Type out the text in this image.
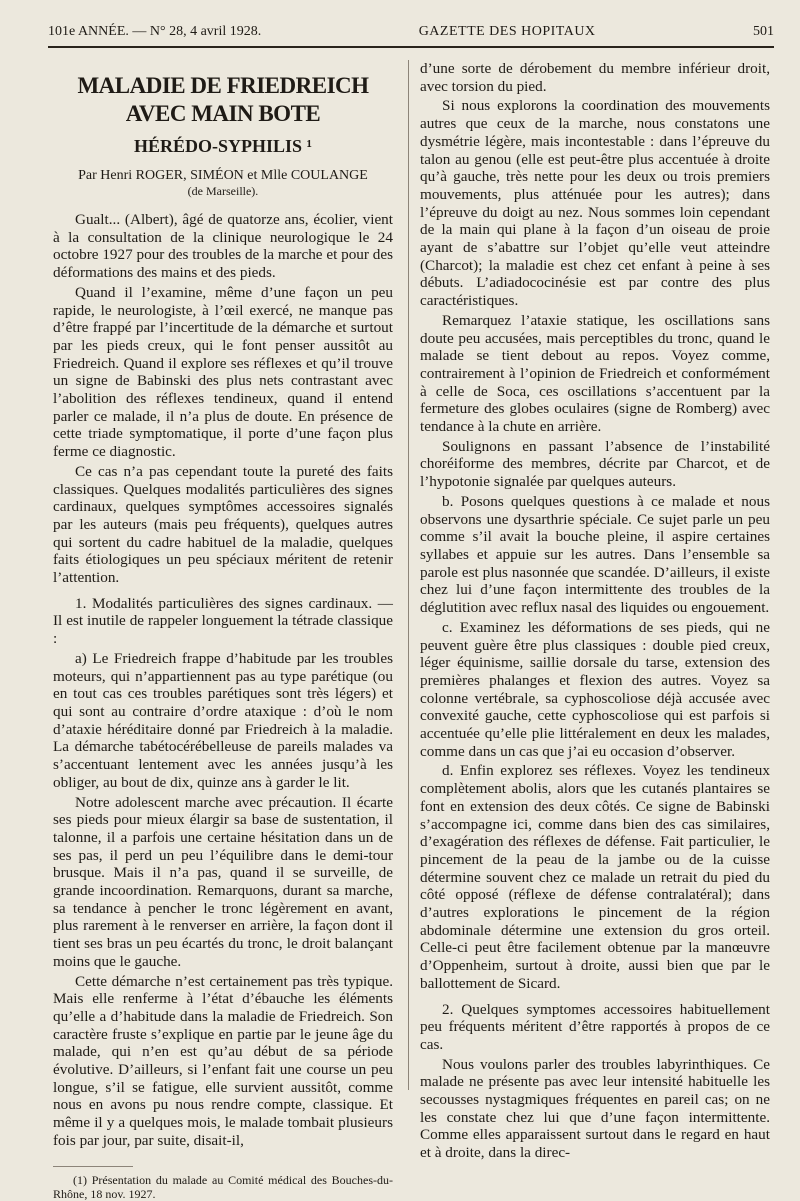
101e ANNÉE. — N° 28, 4 avril 1928.	GAZETTE DES HOPITAUX	501
MALADIE DE FRIEDREICH AVEC MAIN BOTE
HÉRÉDO-SYPHILIS ¹
Par Henri ROGER, SIMÉON et Mlle COULANGE
(de Marseille).

Gualt... (Albert), âgé de quatorze ans, écolier, vient à la consultation de la clinique neurologique le 24 octobre 1927 pour des troubles de la marche et pour des déformations des mains et des pieds.

Quand il l’examine, même d’une façon un peu rapide, le neurologiste, à l’œil exercé, ne manque pas d’être frappé par l’incertitude de la démarche et surtout par les pieds creux, qui le font penser aussitôt au Friedreich. Quand il explore ses réflexes et qu’il trouve un signe de Babinski des plus nets contrastant avec l’abolition des réflexes tendineux, quand il entend parler ce malade, il n’a plus de doute. En présence de cette triade symptomatique, il porte d’une façon plus ferme ce diagnostic.

Ce cas n’a pas cependant toute la pureté des faits classiques. Quelques modalités particulières des signes cardinaux, quelques symptômes accessoires signalés par les auteurs (mais peu fréquents), quelques autres qui sortent du cadre habituel de la maladie, quelques faits étiologiques un peu spéciaux méritent de retenir l’attention.

1. Modalités particulières des signes cardinaux. — Il est inutile de rappeler longuement la tétrade classique :

a) Le Friedreich frappe d’habitude par les troubles moteurs, qui n’appartiennent pas au type parétique (ou en tout cas ces troubles parétiques sont très légers) et qui sont au contraire d’ordre ataxique : d’où le nom d’ataxie héréditaire donné par Friedreich à la maladie. La démarche tabétocérébelleuse de pareils malades va s’accentuant lentement avec les années jusqu’à les obliger, au bout de dix, quinze ans à garder le lit.

Notre adolescent marche avec précaution. Il écarte ses pieds pour mieux élargir sa base de sustentation, il talonne, il a parfois une certaine hésitation dans un de ses pas, il perd un peu l’équilibre dans le demi-tour brusque. Mais il n’a pas, quand il se surveille, de grande incoordination. Remarquons, durant sa marche, sa tendance à pencher le tronc légèrement en avant, plus rarement à le renverser en arrière, la façon dont il tient ses bras un peu écartés du tronc, le droit balançant moins que le gauche.

Cette démarche n’est certainement pas très typique. Mais elle renferme à l’état d’ébauche les éléments qu’elle a d’habitude dans la maladie de Friedreich. Son caractère fruste s’explique en partie par le jeune âge du malade, qui n’en est qu’au début de sa période évolutive. D’ailleurs, si l’enfant fait une course un peu longue, s’il se fatigue, elle survient aussitôt, comme nous en avons pu nous rendre compte, classique. Et même il y a quelques mois, le malade tombait plusieurs fois par jour, par suite, disait-il,

(1) Présentation du malade au Comité médical des Bouches-du-Rhône, 18 nov. 1927.

d’une sorte de dérobement du membre inférieur droit, avec torsion du pied.

Si nous explorons la coordination des mouvements autres que ceux de la marche, nous constatons une dysmétrie légère, mais incontestable : dans l’épreuve du talon au genou (elle est peut-être plus accentuée à droite qu’à gauche, très nette pour les deux ou trois premiers mouvements, plus atténuée pour les autres); dans l’épreuve du doigt au nez. Nous sommes loin cependant de la main qui plane à la façon d’un oiseau de proie ayant de s’abattre sur l’objet qu’elle veut atteindre (Charcot); la maladie est chez cet enfant à peine à ses débuts. L’adiadococinésie est par contre des plus caractéristiques.

Remarquez l’ataxie statique, les oscillations sans doute peu accusées, mais perceptibles du tronc, quand le malade se tient debout au repos. Voyez comme, contrairement à l’opinion de Friedreich et conformément à celle de Soca, ces oscillations s’accentuent par la fermeture des globes oculaires (signe de Romberg) avec tendance à la chute en arrière.

Soulignons en passant l’absence de l’instabilité choréiforme des membres, décrite par Charcot, et de l’hypotonie signalée par quelques auteurs.

b. Posons quelques questions à ce malade et nous observons une dysarthrie spéciale. Ce sujet parle un peu comme s’il avait la bouche pleine, il aspire certaines syllabes et appuie sur les autres. Dans l’ensemble sa parole est plus nasonnée que scandée. D’ailleurs, il existe chez lui d’une façon intermittente des troubles de la déglutition avec reflux nasal des liquides ou engouement.

c. Examinez les déformations de ses pieds, qui ne peuvent guère être plus classiques : double pied creux, léger équinisme, saillie dorsale du tarse, extension des premières phalanges et flexion des autres. Voyez sa colonne vertébrale, sa cyphoscoliose déjà accusée avec convexité gauche, cette cyphoscoliose qui est parfois si accentuée qu’elle plie littéralement en deux les malades, comme dans un cas que j’ai eu occasion d’observer.

d. Enfin explorez ses réflexes. Voyez les tendineux complètement abolis, alors que les cutanés plantaires se font en extension des deux côtés. Ce signe de Babinski s’accompagne ici, comme dans bien des cas similaires, d’exagération des réflexes de défense. Fait particulier, le pincement de la peau de la jambe ou de la cuisse détermine souvent chez ce malade un retrait du pied du côté opposé (réflexe de défense contralatéral); dans d’autres explorations le pincement de la région abdominale détermine une extension du gros orteil. Celle-ci peut être facilement obtenue par la manœuvre d’Oppenheim, surtout à droite, aussi bien que par le ballottement de Sicard.

2. Quelques symptomes accessoires habituellement peu fréquents méritent d’être rapportés à propos de ce cas.

Nous voulons parler des troubles labyrinthiques. Ce malade ne présente pas avec leur intensité habituelle les secousses nystagmiques fréquentes en pareil cas; on ne les constate chez lui que d’une façon intermittente. Comme elles apparaissent surtout dans le regard en haut et à droite, dans la direc-
